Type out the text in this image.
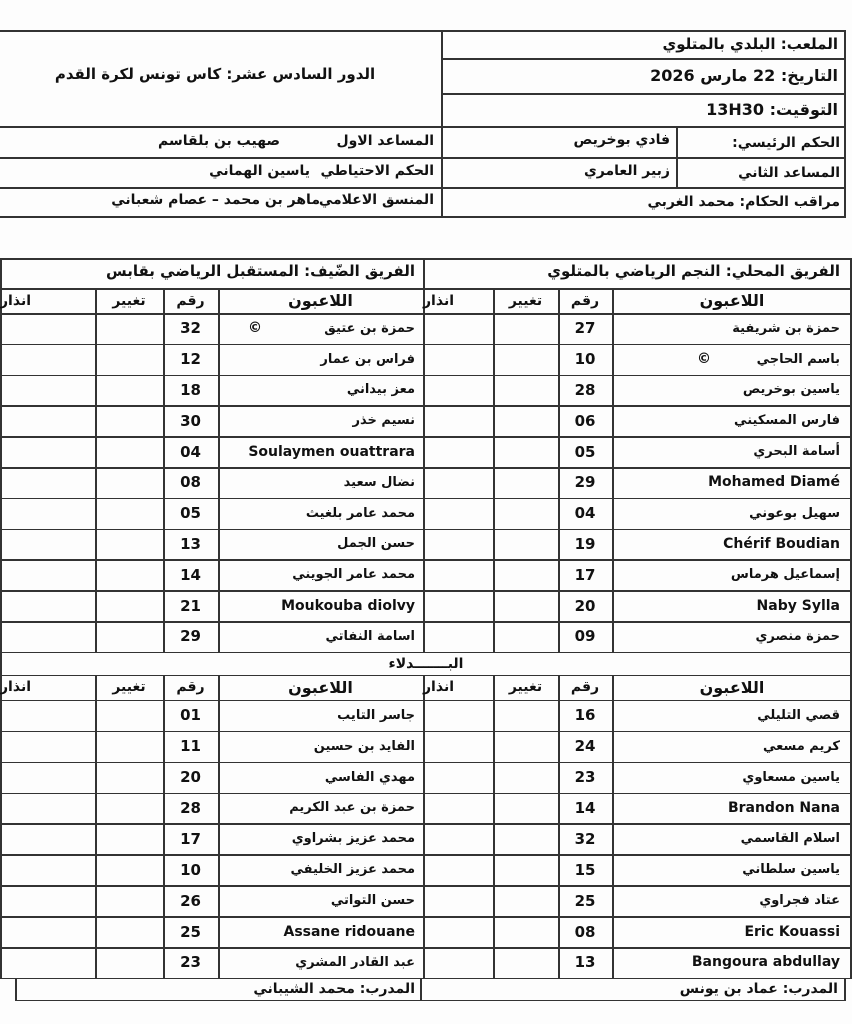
الملعب: البلدي بالمتلوي
التاريخ: 22 مارس 2026
التوقيت: 13H30
الدور السادس عشر: كاس تونس لكرة القدم
الحكم الرئيسي:
فادي بوخريص
المساعد الثاني
زبير العامري
مراقب الحكام: محمد الغربي
المساعد الاول
صهيب بن بلقاسم
الحكم الاحتياطي
ياسين الهماني
المنسق الاعلامي
ماهر بن محمد – عصام شعباني
الفريق الضّيف: المستقبل الرياضي بقابس
اللاعبون
رقم
تغيير
انذار
حمزة بن عتيق
32	©
فراس بن عمار
12
معز بيداني
18
نسيم خذر
30
Soulaymen ouattrara
04
نضال سعيد
08
محمد عامر بلغيث
05
حسن الجمل
13
محمد عامر الجويني
14
Moukouba diolvy
21
اسامة النفاتي
29
اللاعبون
رقم
تغيير
انذار
جاسر التايب
01
الفايد بن حسين
11
مهدي الفاسي
20
حمزة بن عبد الكريم
28
محمد عزيز بشراوي
17
محمد عزيز الخليفي
10
حسن التواتي
26
Assane ridouane
25
عبد القادر المشري
23
المدرب: محمد الشيباني
الفريق المحلي: النجم الرياضي بالمتلوي
اللاعبون
رقم
تغيير
انذار
حمزة بن شريفية
27
باسم الحاجي
10	©
ياسين بوخريص
28
فارس المسكيني
06
أسامة البحري
05
Mohamed Diamé
29
سهيل بوعوني
04
Chérif Boudian
19
إسماعيل هرماس
17
Naby Sylla
20
حمزة منصري
09
اللاعبون
رقم
تغيير
انذار
قصي التليلي
16
كريم مسعي
24
ياسين مسعاوي
23
Brandon Nana
14
اسلام القاسمي
32
ياسين سلطاني
15
عتاد فجراوي
25
Eric Kouassi
08
Bangoura abdullay
13
المدرب: عماد بن يونس
البـــــــدلاء
